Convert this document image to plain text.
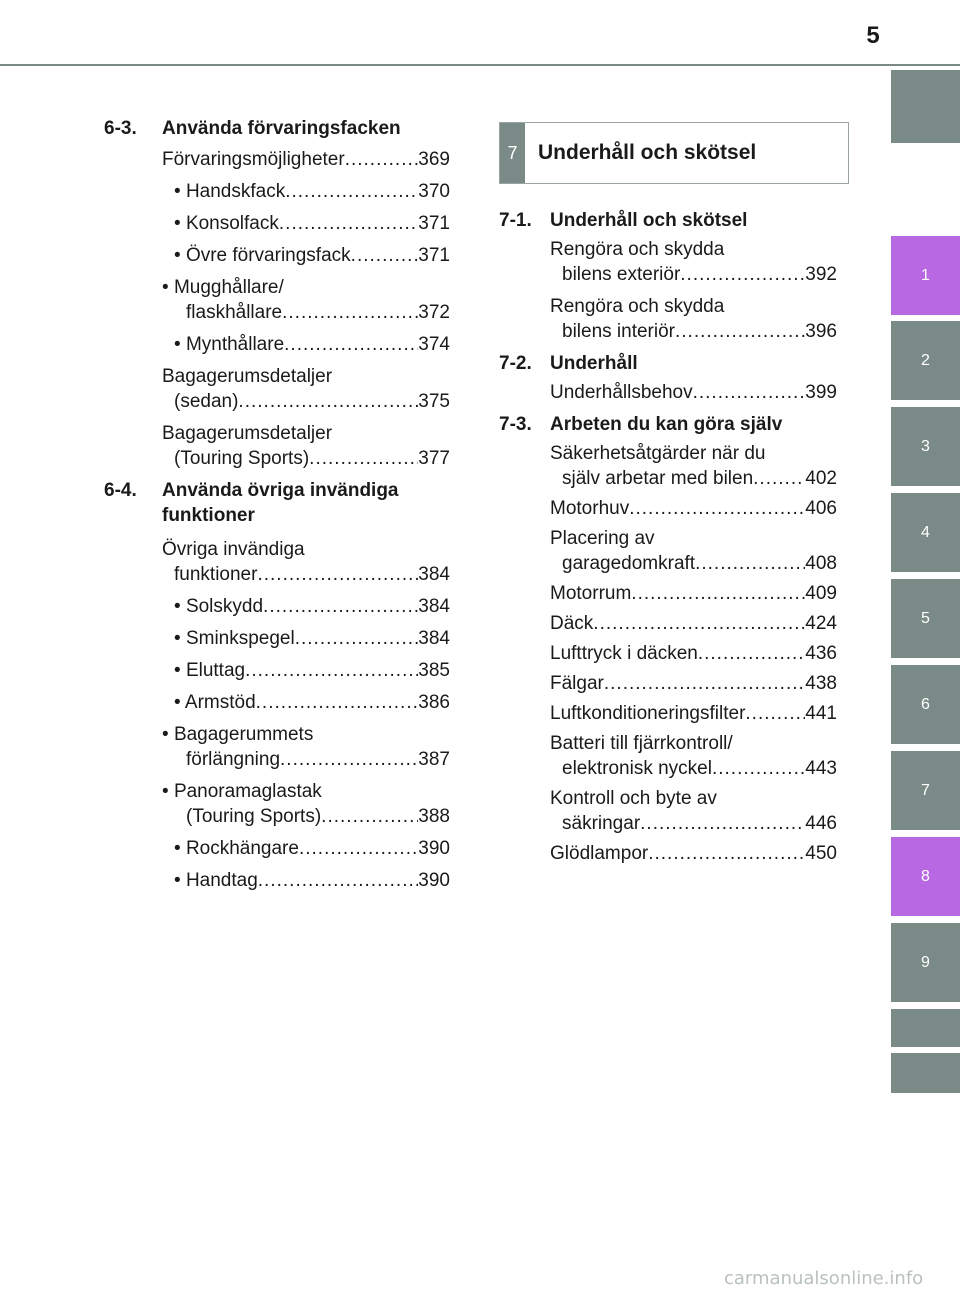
5
1
2
3
4
5
6
7
8
9
6-3. Använda förvaringsfacken
Förvaringsmöjligheter .....	369
• Handskfack .....	370
• Konsolfack .....	371
• Övre förvaringsfack .....	371
• Mugghållare/
flaskhållare .....	372
• Mynthållare .....	374
Bagagerumsdetaljer
(sedan) .....	375
Bagagerumsdetaljer
(Touring Sports) .....	377
6-4. Använda övriga invändiga funktioner
Övriga invändiga
funktioner .....	384
• Solskydd .....	384
• Sminkspegel .....	384
• Eluttag .....	385
• Armstöd .....	386
• Bagagerummets
förlängning .....	387
• Panoramaglastak
(Touring Sports) .....	388
• Rockhängare .....	390
• Handtag .....	390
7 Underhåll och skötsel
7-1. Underhåll och skötsel
Rengöra och skydda
bilens exteriör .....	392
Rengöra och skydda
bilens interiör .....	396
7-2. Underhåll
Underhållsbehov .....	399
7-3. Arbeten du kan göra själv
Säkerhetsåtgärder när du
själv arbetar med bilen .....	402
Motorhuv .....	406
Placering av
garagedomkraft .....	408
Motorrum .....	409
Däck .....	424
Lufttryck i däcken .....	436
Fälgar .....	438
Luftkonditioneringsfilter .....	441
Batteri till fjärrkontroll/
elektronisk nyckel .....	443
Kontroll och byte av
säkringar .....	446
Glödlampor .....	450
carmanualsonline.info
